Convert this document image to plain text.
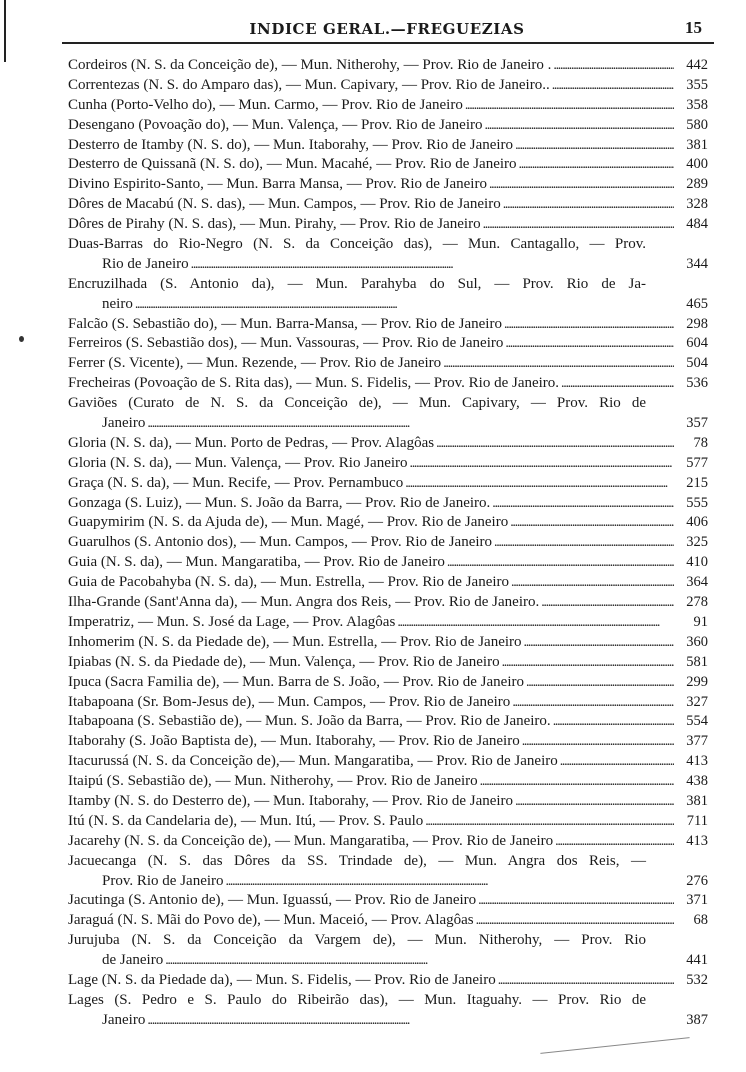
INDICE GERAL.—FREGUEZIAS	15
Cordeiros (N. S. da Conceição de), — Mun. Nitherohy, — Prov. Rio de Janeiro . . . .	442
Correntezas (N. S. do Amparo das), — Mun. Capivary, — Prov. Rio de Janeiro.. . . .	355
Cunha (Porto-Velho do), — Mun. Carmo, — Prov. Rio de Janeiro . . .	358
Desengano (Povoação do), — Mun. Valença, — Prov. Rio de Janeiro . . .	580
Desterro de Itamby (N. S. do), — Mun. Itaborahy, — Prov. Rio de Janeiro . . .	381
Desterro de Quissanã (N. S. do), — Mun. Macahé, — Prov. Rio de Janeiro . . .	400
Divino Espirito-Santo, — Mun. Barra Mansa, — Prov. Rio de Janeiro . . .	289
Dôres de Macabú (N. S. das), — Mun. Campos, — Prov. Rio de Janeiro . . .	328
Dôres de Pirahy (N. S. das), — Mun. Pirahy, — Prov. Rio de Janeiro . . .	484
Duas-Barras do Rio-Negro (N. S. da Conceição das), — Mun. Cantagallo, — Prov.
Rio de Janeiro . . .	344
Encruzilhada (S. Antonio da), — Mun. Parahyba do Sul, — Prov. Rio de Ja-
neiro . . .	465
Falcão (S. Sebastião do), — Mun. Barra-Mansa, — Prov. Rio de Janeiro . . .	298
Ferreiros (S. Sebastião dos), — Mun. Vassouras, — Prov. Rio de Janeiro . . .	604
Ferrer (S. Vicente), — Mun. Rezende, — Prov. Rio de Janeiro . . .	504
Frecheiras (Povoação de S. Rita das), — Mun. S. Fidelis, — Prov. Rio de Janeiro. . . .	536
Gaviões (Curato de N. S. da Conceição de), — Mun. Capivary, — Prov. Rio de
Janeiro . . .	357
Gloria (N. S. da), — Mun. Porto de Pedras, — Prov. Alagôas . . .	78
Gloria (N. S. da), — Mun. Valença, — Prov. Rio Janeiro . . .	577
Graça (N. S. da), — Mun. Recife, — Prov. Pernambuco . . .	215
Gonzaga (S. Luiz), — Mun. S. João da Barra, — Prov. Rio de Janeiro. . . .	555
Guapymirim (N. S. da Ajuda de), — Mun. Magé, — Prov. Rio de Janeiro . . .	406
Guarulhos (S. Antonio dos), — Mun. Campos, — Prov. Rio de Janeiro . . .	325
Guia (N. S. da), — Mun. Mangaratiba, — Prov. Rio de Janeiro . . .	410
Guia de Pacobahyba (N. S. da), — Mun. Estrella, — Prov. Rio de Janeiro . . .	364
Ilha-Grande (Sant'Anna da), — Mun. Angra dos Reis, — Prov. Rio de Janeiro. . . .	278
Imperatriz, — Mun. S. José da Lage, — Prov. Alagôas . . .	91
Inhomerim (N. S. da Piedade de), — Mun. Estrella, — Prov. Rio de Janeiro . . .	360
Ipiabas (N. S. da Piedade de), — Mun. Valença, — Prov. Rio de Janeiro . . .	581
Ipuca (Sacra Familia de), — Mun. Barra de S. João, — Prov. Rio de Janeiro . . .	299
Itabapoana (Sr. Bom-Jesus de), — Mun. Campos, — Prov. Rio de Janeiro . . .	327
Itabapoana (S. Sebastião de), — Mun. S. João da Barra, — Prov. Rio de Janeiro. . . .	554
Itaborahy (S. João Baptista de), — Mun. Itaborahy, — Prov. Rio de Janeiro . . .	377
Itacurussá (N. S. da Conceição de),— Mun. Mangaratiba, — Prov. Rio de Janeiro . . .	413
Itaipú (S. Sebastião de), — Mun. Nitherohy, — Prov. Rio de Janeiro . . .	438
Itamby (N. S. do Desterro de), — Mun. Itaborahy, — Prov. Rio de Janeiro . . .	381
Itú (N. S. da Candelaria de), — Mun. Itú, — Prov. S. Paulo . . .	711
Jacarehy (N. S. da Conceição de), — Mun. Mangaratiba, — Prov. Rio de Janeiro . . .	413
Jacuecanga (N. S. das Dôres da SS. Trindade de), — Mun. Angra dos Reis, —
Prov. Rio de Janeiro . . .	276
Jacutinga (S. Antonio de), — Mun. Iguassú, — Prov. Rio de Janeiro . . .	371
Jaraguá (N. S. Mãi do Povo de), — Mun. Maceió, — Prov. Alagôas . . .	68
Jurujuba (N. S. da Conceição da Vargem de), — Mun. Nitherohy, — Prov. Rio
de Janeiro . . .	441
Lage (N. S. da Piedade da), — Mun. S. Fidelis, — Prov. Rio de Janeiro . . .	532
Lages (S. Pedro e S. Paulo do Ribeirão das), — Mun. Itaguahy. — Prov. Rio de
Janeiro . . .	387
